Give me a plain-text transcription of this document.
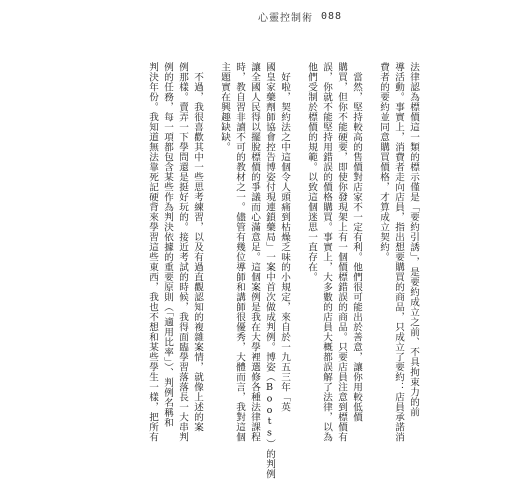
心靈控制術 088
法律認為標價這一類的標示僅是「要約引誘」，是要約成立之前、不具拘束力的前
導活動。事實上，消費者走向店員，指出想要購買的商品，只成立了要約：店員承諾消
費者的要約並同意購買價格，才算成立契約。
　當然，堅持較高的售價對店家不一定有利。他們很可能出於善意，讓你用較低價
購買，但你不能硬要，即使你發現架上有一個價標錯誤的商品。只要店員注意到標價有
誤，你就不能堅持用錯誤的價格購買。事實上，大多數的店員大概都誤解了法律，以為
他們受制於標價的規範。以致這個迷思一直存在。
　好啦，契約法之中這個令人頭痛到枯燥乏味的小規定，來自於一九五三年「英
國皇家藥劑師協會控告博姿付現連鎖藥局」一案中首次做成判例。博姿（Boots）的判例
讓全國人民得以擺脫標價的爭議而心滿意足。這個案例是我在大學裡選修各種法律課程
時，教自習非讀不可的教材之一。儘管有幾位導師和講師很優秀，大體而言，我對這個
主題實在興趣缺缺。
　不過，我很喜歡其中一些思考練習，以及有過直觀認知的複雜案情，就像上述的案
例那樣。賣弄一下學問還是挺好玩的。接近考試的時候，我得面臨學習落落長一大串判
例的任務，每一項都包含某些作為判決依據的重要原則（「適用比率」）、判例名稱和
判決年份。我知道無法靠死記硬背來學習這些東西，我也不想和某些學生一樣，把所有
